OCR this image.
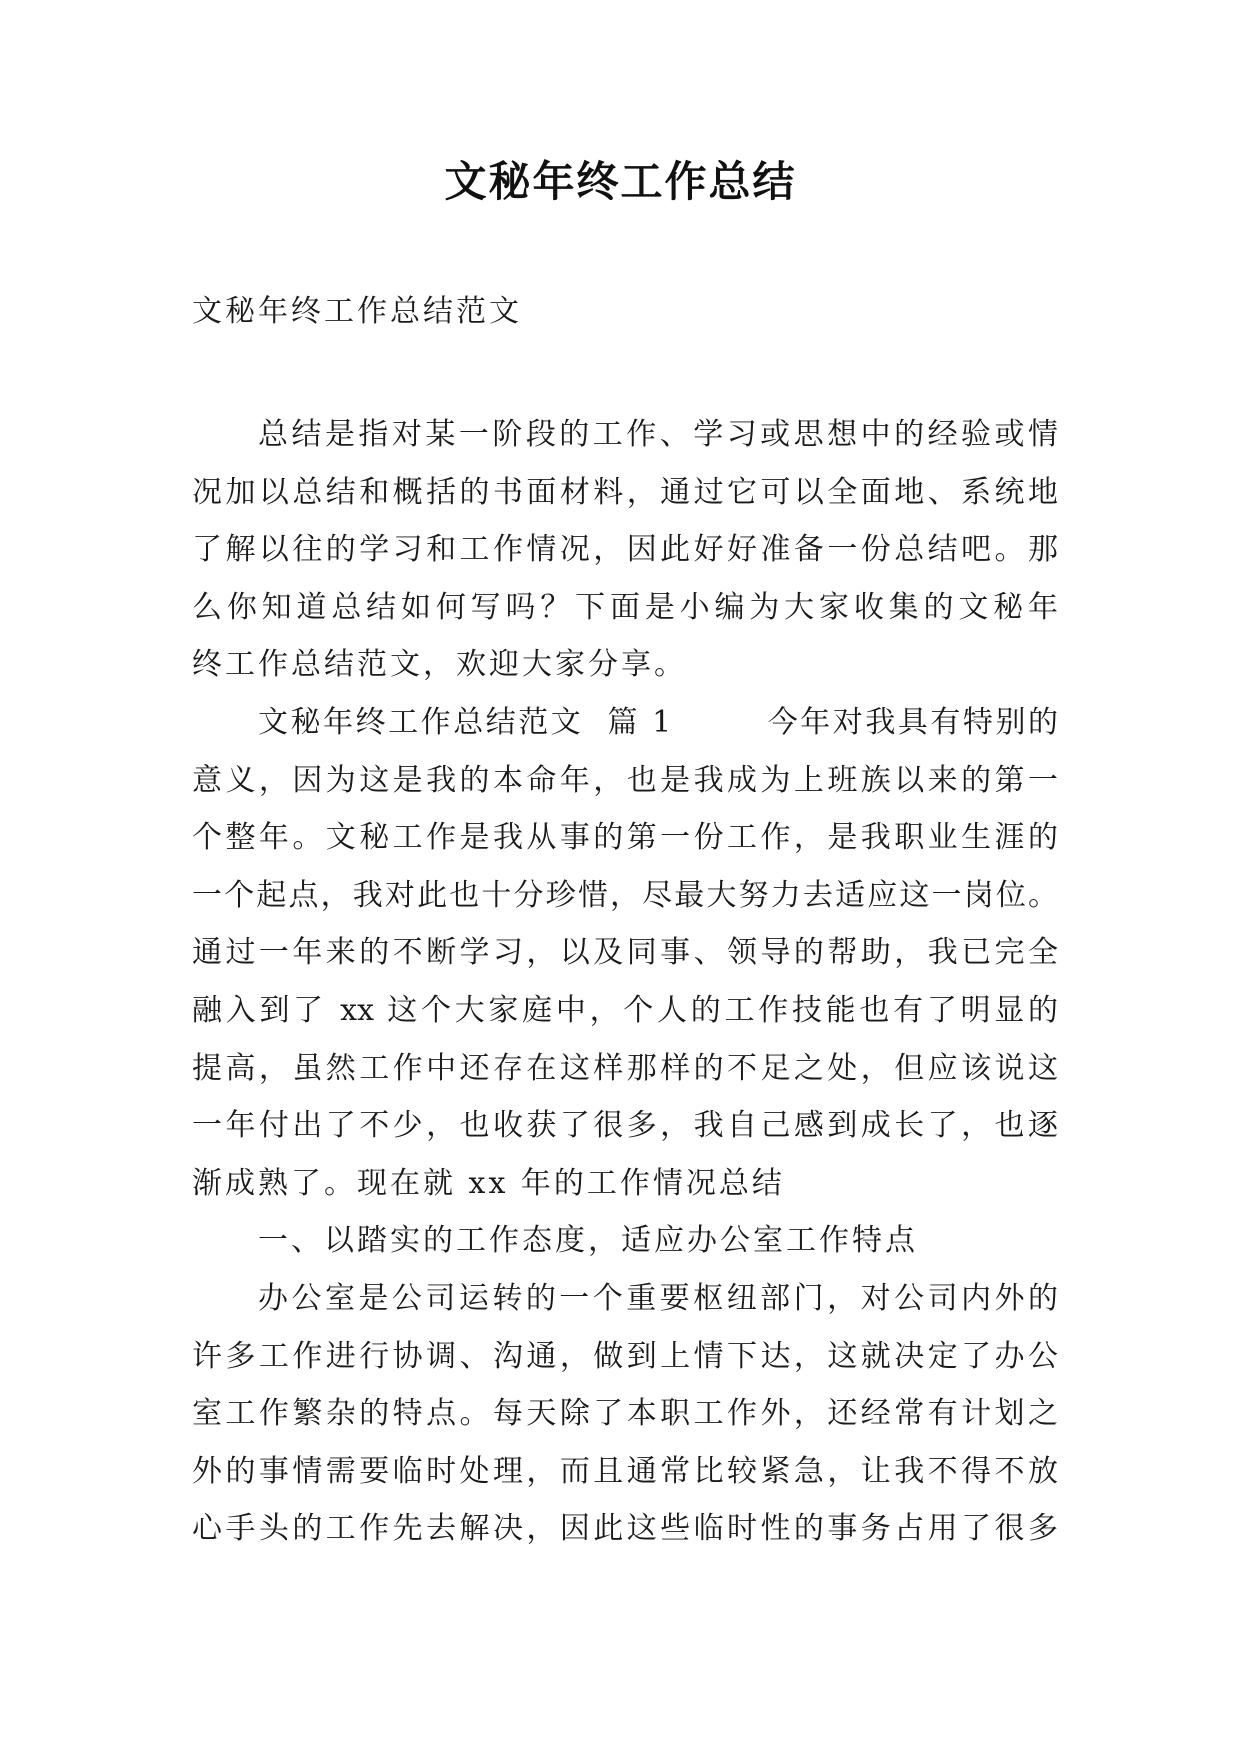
文秘年终工作总结

文秘年终工作总结范文

总结是指对某一阶段的工作、学习或思想中的经验或情
况加以总结和概括的书面材料，通过它可以全面地、系统地
了解以往的学习和工作情况，因此好好准备一份总结吧。那
么你知道总结如何写吗？下面是小编为大家收集的文秘年
终工作总结范文，欢迎大家分享。
文秘年终工作总结范文  篇 1        今年对我具有特别的
意义，因为这是我的本命年，也是我成为上班族以来的第一
个整年。文秘工作是我从事的第一份工作，是我职业生涯的
一个起点，我对此也十分珍惜，尽最大努力去适应这一岗位。
通过一年来的不断学习，以及同事、领导的帮助，我已完全
融入到了 xx 这个大家庭中，个人的工作技能也有了明显的
提高，虽然工作中还存在这样那样的不足之处，但应该说这
一年付出了不少，也收获了很多，我自己感到成长了，也逐
渐成熟了。现在就 xx 年的工作情况总结
一、以踏实的工作态度，适应办公室工作特点
办公室是公司运转的一个重要枢纽部门，对公司内外的
许多工作进行协调、沟通，做到上情下达，这就决定了办公
室工作繁杂的特点。每天除了本职工作外，还经常有计划之
外的事情需要临时处理，而且通常比较紧急，让我不得不放
心手头的工作先去解决，因此这些临时性的事务占用了很多
